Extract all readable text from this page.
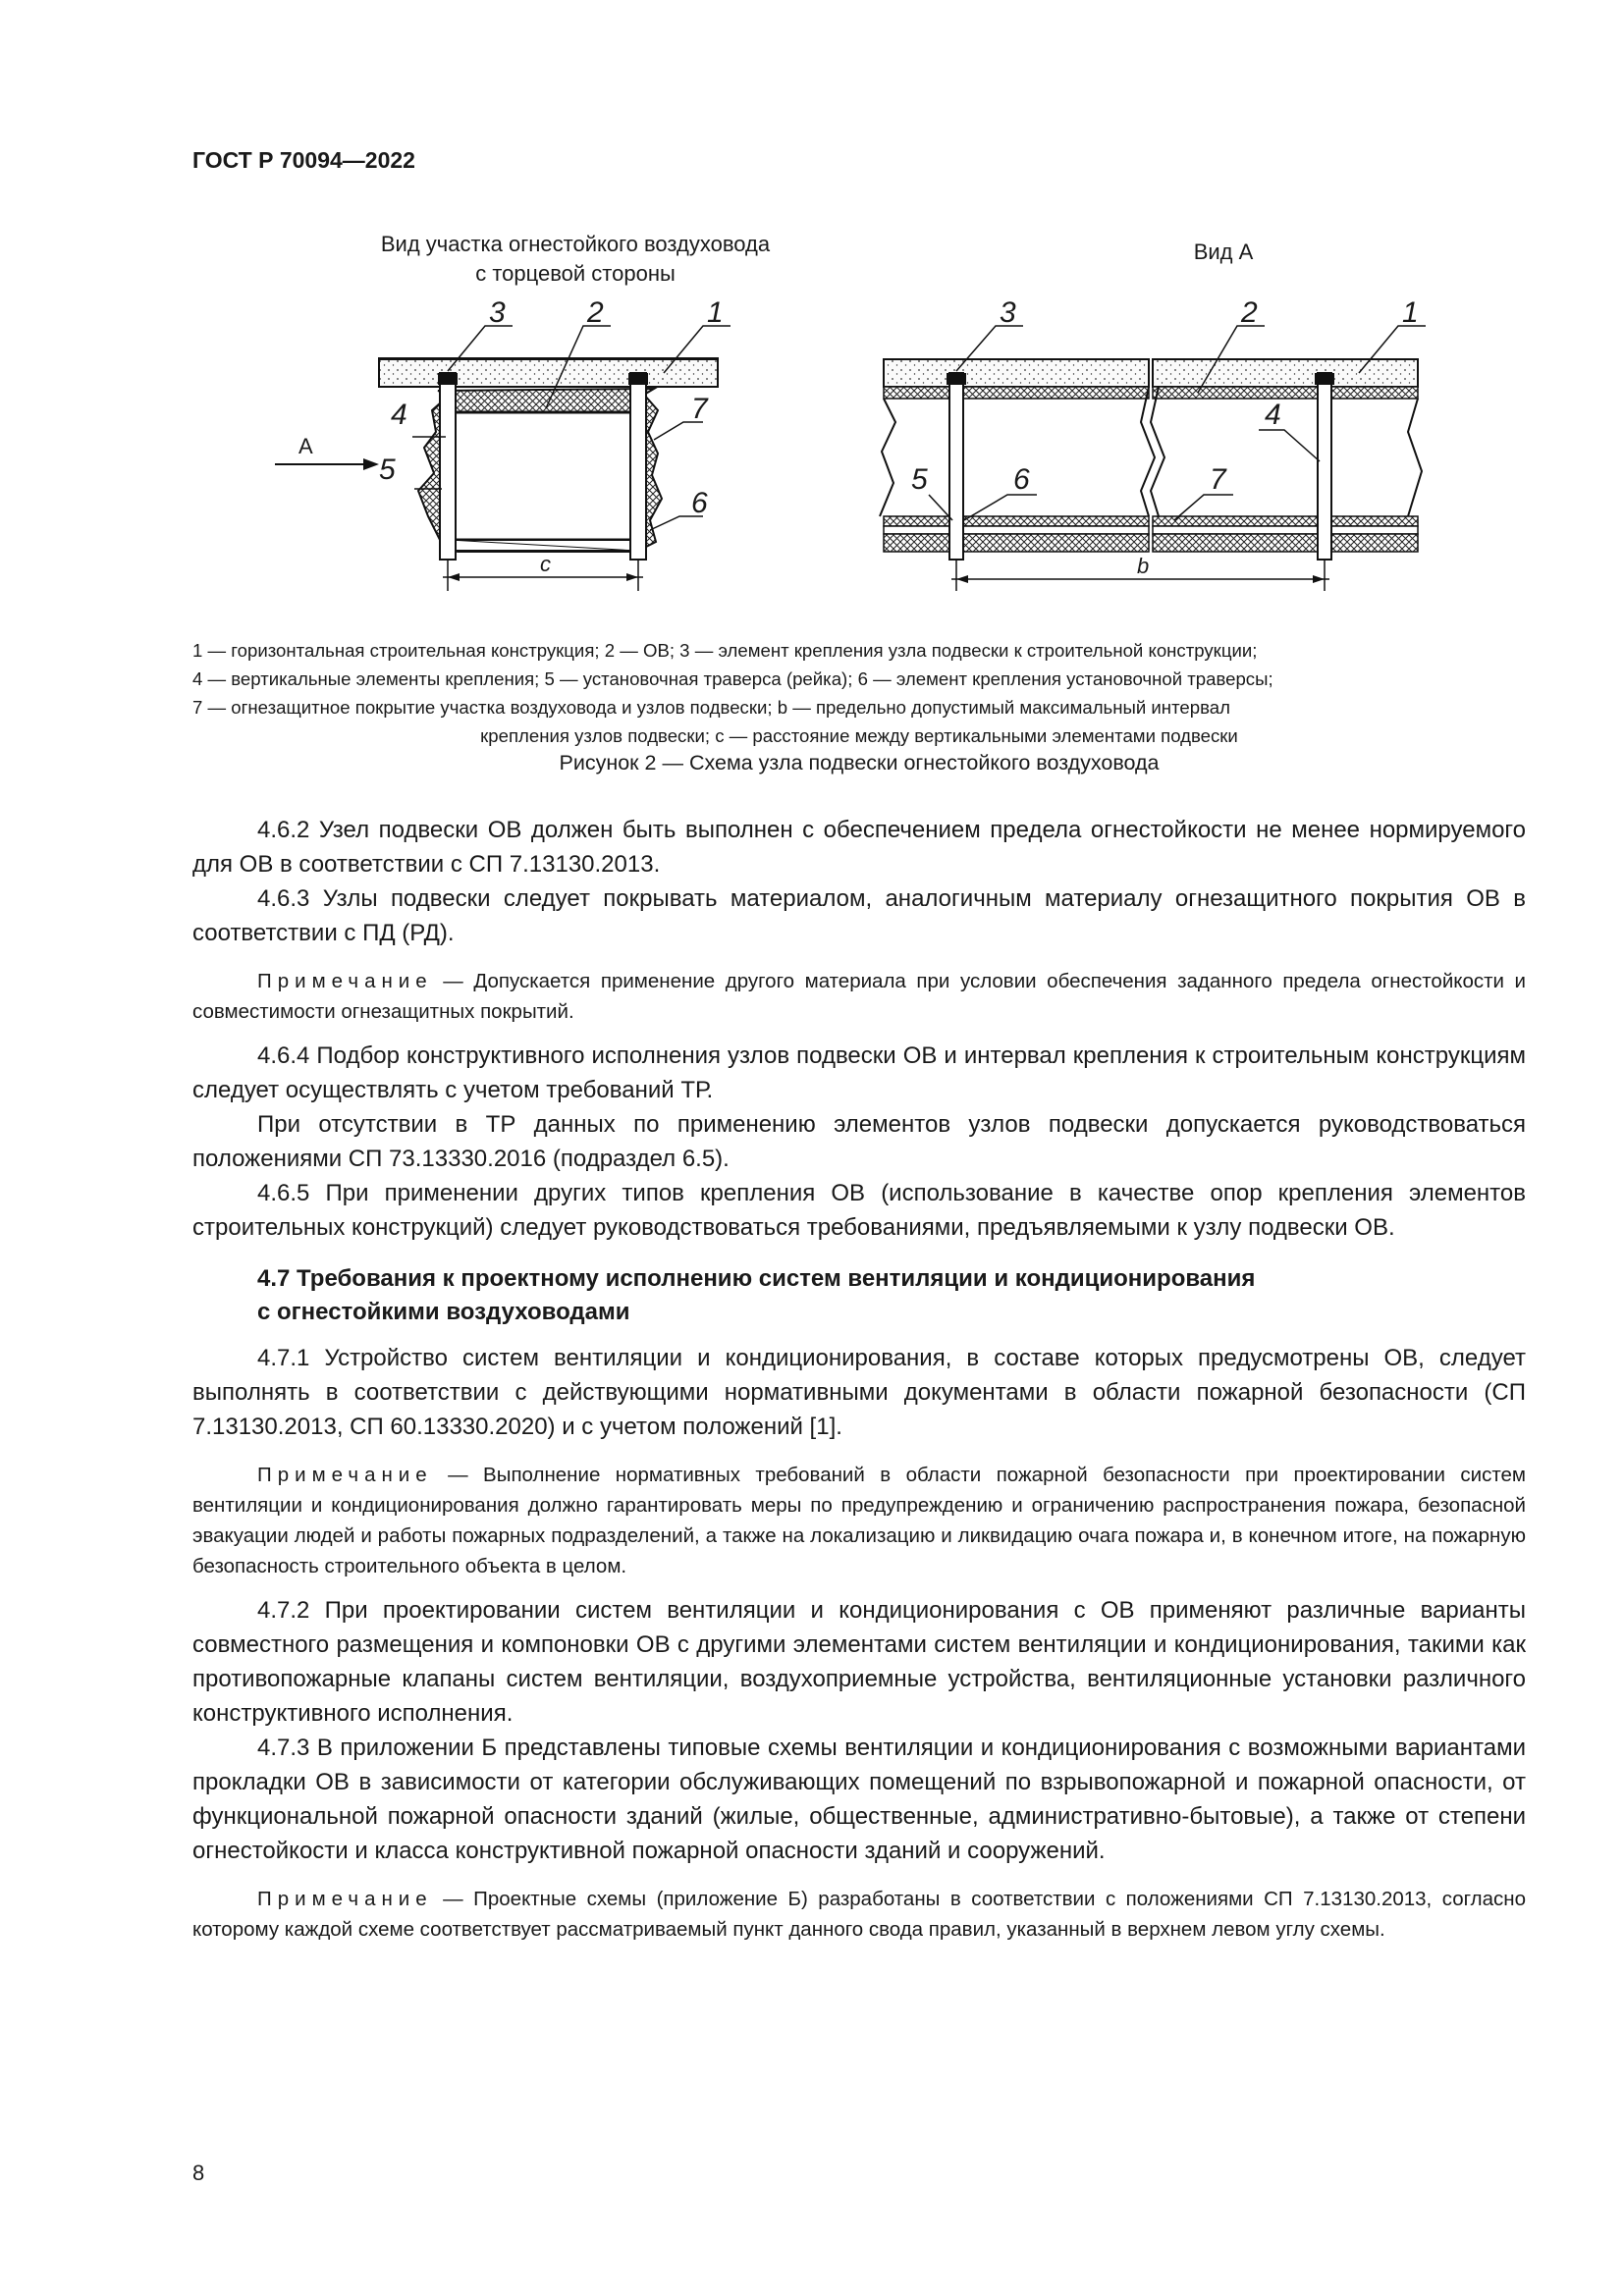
ГОСТ Р 70094—2022
Вид участка огнестойкого воздуховода
с торцевой стороны
Вид А
A
3	2	1
4	7
5
6
c
3	2	1
4
5	6	7
b
1 — горизонтальная строительная конструкция; 2 — ОВ; 3 — элемент крепления узла подвески к строительной конструкции;
4 — вертикальные элементы крепления; 5 — установочная траверса (рейка); 6 — элемент крепления установочной траверсы;
7 — огнезащитное покрытие участка воздуховода и узлов подвески; b — предельно допустимый максимальный интервал
крепления узлов подвески; c — расстояние между вертикальными элементами подвески
Рисунок 2 — Схема узла подвески огнестойкого воздуховода

4.6.2 Узел подвески ОВ должен быть выполнен с обеспечением предела огнестойкости не менее нормируемого для ОВ в соответствии с СП 7.13130.2013.

4.6.3 Узлы подвески следует покрывать материалом, аналогичным материалу огнезащитного покрытия ОВ в соответствии с ПД (РД).

Примечание — Допускается применение другого материала при условии обеспечения заданного предела огнестойкости и совместимости огнезащитных покрытий.

4.6.4 Подбор конструктивного исполнения узлов подвески ОВ и интервал крепления к строительным конструкциям следует осуществлять с учетом требований ТР.

При отсутствии в ТР данных по применению элементов узлов подвески допускается руководствоваться положениями СП 73.13330.2016 (подраздел 6.5).

4.6.5 При применении других типов крепления ОВ (использование в качестве опор крепления элементов строительных конструкций) следует руководствоваться требованиями, предъявляемыми к узлу подвески ОВ.

4.7 Требования к проектному исполнению систем вентиляции и кондиционирования
с огнестойкими воздуховодами

4.7.1 Устройство систем вентиляции и кондиционирования, в составе которых предусмотрены ОВ, следует выполнять в соответствии с действующими нормативными документами в области пожарной безопасности (СП 7.13130.2013, СП 60.13330.2020) и с учетом положений [1].

Примечание — Выполнение нормативных требований в области пожарной безопасности при проектировании систем вентиляции и кондиционирования должно гарантировать меры по предупреждению и ограничению распространения пожара, безопасной эвакуации людей и работы пожарных подразделений, а также на локализацию и ликвидацию очага пожара и, в конечном итоге, на пожарную безопасность строительного объекта в целом.

4.7.2 При проектировании систем вентиляции и кондиционирования с ОВ применяют различные варианты совместного размещения и компоновки ОВ с другими элементами систем вентиляции и кондиционирования, такими как противопожарные клапаны систем вентиляции, воздухоприемные устройства, вентиляционные установки различного конструктивного исполнения.

4.7.3 В приложении Б представлены типовые схемы вентиляции и кондиционирования с возможными вариантами прокладки ОВ в зависимости от категории обслуживающих помещений по взрывопожарной и пожарной опасности, от функциональной пожарной опасности зданий (жилые, общественные, административно-бытовые), а также от степени огнестойкости и класса конструктивной пожарной опасности зданий и сооружений.

Примечание — Проектные схемы (приложение Б) разработаны в соответствии с положениями СП 7.13130.2013, согласно которому каждой схеме соответствует рассматриваемый пункт данного свода правил, указанный в верхнем левом углу схемы.

8
